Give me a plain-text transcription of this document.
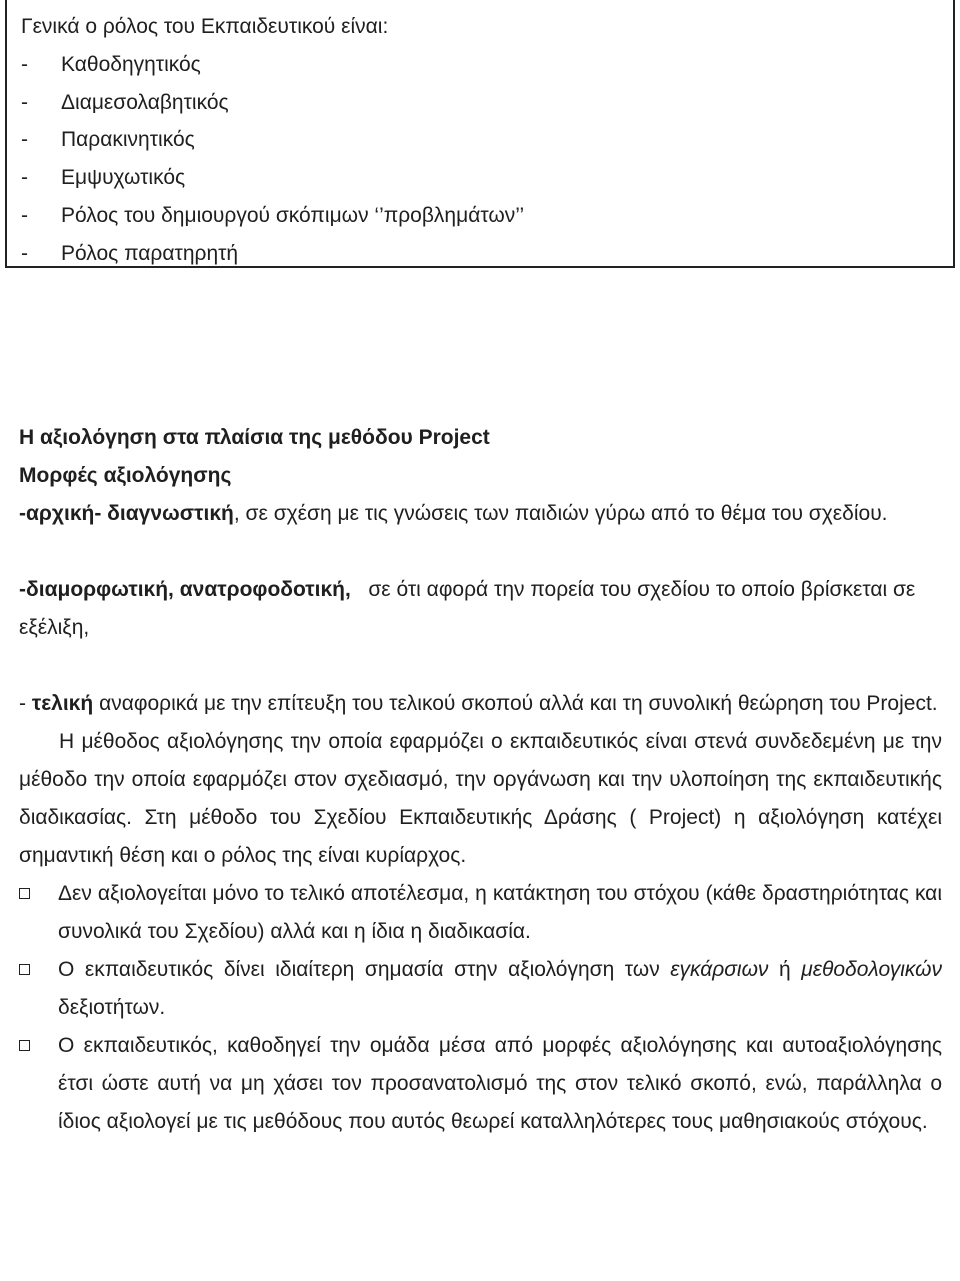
Γενικά ο ρόλος του Εκπαιδευτικού είναι:
- Καθοδηγητικός
- Διαμεσολαβητικός
- Παρακινητικός
- Εμψυχωτικός
- Ρόλος του δημιουργού σκόπιμων ‘’προβλημάτων’’
- Ρόλος παρατηρητή
Η αξιολόγηση στα πλαίσια της μεθόδου Project
Μορφές αξιολόγησης

-αρχική- διαγνωστική, σε σχέση με τις γνώσεις των παιδιών γύρω από το θέμα του σχεδίου.

-διαμορφωτική, ανατροφοδοτική, σε ότι αφορά την πορεία του σχεδίου το οποίο βρίσκεται σε εξέλιξη,

- τελική αναφορικά με την επίτευξη του τελικού σκοπού αλλά και τη συνολική θεώρηση του Project.

Η μέθοδος αξιολόγησης την οποία εφαρμόζει ο εκπαιδευτικός είναι στενά συνδεδεμένη με την μέθοδο την οποία εφαρμόζει στον σχεδιασμό, την οργάνωση και την υλοποίηση της εκπαιδευτικής διαδικασίας. Στη μέθοδο του Σχεδίου Εκπαιδευτικής Δράσης ( Project) η αξιολόγηση κατέχει σημαντική θέση και ο ρόλος της είναι κυρίαρχος.

Δεν αξιολογείται μόνο το τελικό αποτέλεσμα, η κατάκτηση του στόχου (κάθε δραστηριότητας και συνολικά του Σχεδίου) αλλά και η ίδια η διαδικασία.
Ο εκπαιδευτικός δίνει ιδιαίτερη σημασία στην αξιολόγηση των εγκάρσιων ή μεθοδολογικών δεξιοτήτων.
Ο εκπαιδευτικός, καθοδηγεί την ομάδα μέσα από μορφές αξιολόγησης και αυτοαξιολόγησης έτσι ώστε αυτή να μη χάσει τον προσανατολισμό της στον τελικό σκοπό, ενώ, παράλληλα ο ίδιος αξιολογεί με τις μεθόδους που αυτός θεωρεί καταλληλότερες τους μαθησιακούς στόχους.
